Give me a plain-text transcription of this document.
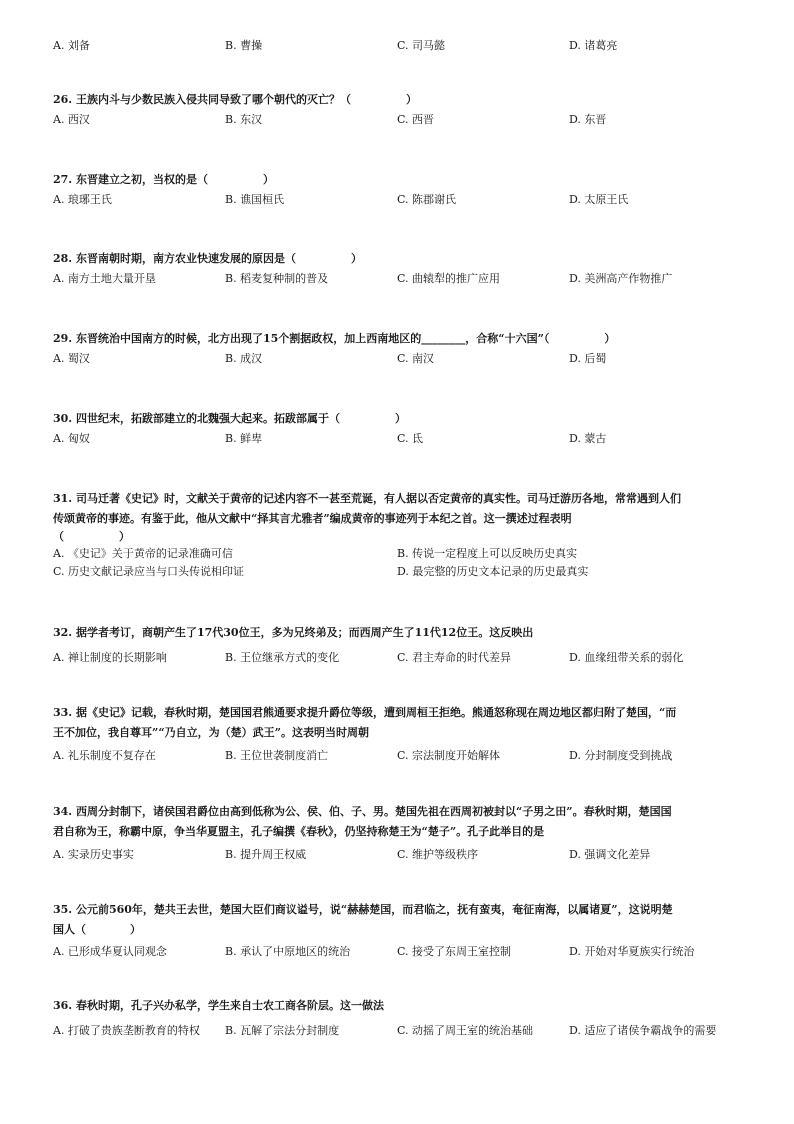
A. 刘备	B. 曹操	C. 司马懿	D. 诸葛亮

26. 王族内斗与少数民族入侵共同导致了哪个朝代的灭亡？（　　　　　）

A. 西汉	B. 东汉	C. 西晋	D. 东晋

27. 东晋建立之初，当权的是（　　　　　）

A. 琅琊王氏	B. 谯国桓氏	C. 陈郡谢氏	D. 太原王氏

28. 东晋南朝时期，南方农业快速发展的原因是（　　　　　）

A. 南方土地大量开垦	B. 稻麦复种制的普及	C. 曲辕犁的推广应用	D. 美洲高产作物推广

29. 东晋统治中国南方的时候，北方出现了15个割据政权，加上西南地区的________，合称“十六国”（　　　　　）

A. 蜀汉	B. 成汉	C. 南汉	D. 后蜀

30. 四世纪末，拓跋部建立的北魏强大起来。拓跋部属于（　　　　　）

A. 匈奴	B. 鲜卑	C. 氐	D. 蒙古

31. 司马迁著《史记》时，文献关于黄帝的记述内容不一甚至荒诞，有人据以否定黄帝的真实性。司马迁游历各地，常常遇到人们

传颂黄帝的事迹。有鉴于此，他从文献中“择其言尤雅者”编成黄帝的事迹列于本纪之首。这一撰述过程表明

（　　　　　）

A. 《史记》关于黄帝的记录准确可信	B. 传说一定程度上可以反映历史真实
C. 历史文献记录应当与口头传说相印证	D. 最完整的历史文本记录的历史最真实

32. 据学者考订，商朝产生了17代30位王，多为兄终弟及；而西周产生了11代12位王。这反映出

A. 禅让制度的长期影响	B. 王位继承方式的变化	C. 君主寿命的时代差异	D. 血缘纽带关系的弱化

33. 据《史记》记载，春秋时期，楚国国君熊通要求提升爵位等级，遭到周桓王拒绝。熊通怒称现在周边地区都归附了楚国，“而

王不加位，我自尊耳”“乃自立，为（楚）武王”。这表明当时周朝

A. 礼乐制度不复存在	B. 王位世袭制度消亡	C. 宗法制度开始解体	D. 分封制度受到挑战

34. 西周分封制下，诸侯国君爵位由高到低称为公、侯、伯、子、男。楚国先祖在西周初被封以“子男之田”。春秋时期，楚国国

君自称为王，称霸中原，争当华夏盟主，孔子编撰《春秋》，仍坚持称楚王为“楚子”。孔子此举目的是

A. 实录历史事实	B. 提升周王权威	C. 维护等级秩序	D. 强调文化差异

35. 公元前560年，楚共王去世，楚国大臣们商议谥号，说“赫赫楚国，而君临之，抚有蛮夷，奄征南海，以属诸夏”，这说明楚

国人（　　　　）

A. 已形成华夏认同观念	B. 承认了中原地区的统治	C. 接受了东周王室控制	D. 开始对华夏族实行统治

36. 春秋时期，孔子兴办私学，学生来自士农工商各阶层。这一做法

A. 打破了贵族垄断教育的特权 B. 瓦解了宗法分封制度	C. 动摇了周王室的统治基础	D. 适应了诸侯争霸战争的需要
